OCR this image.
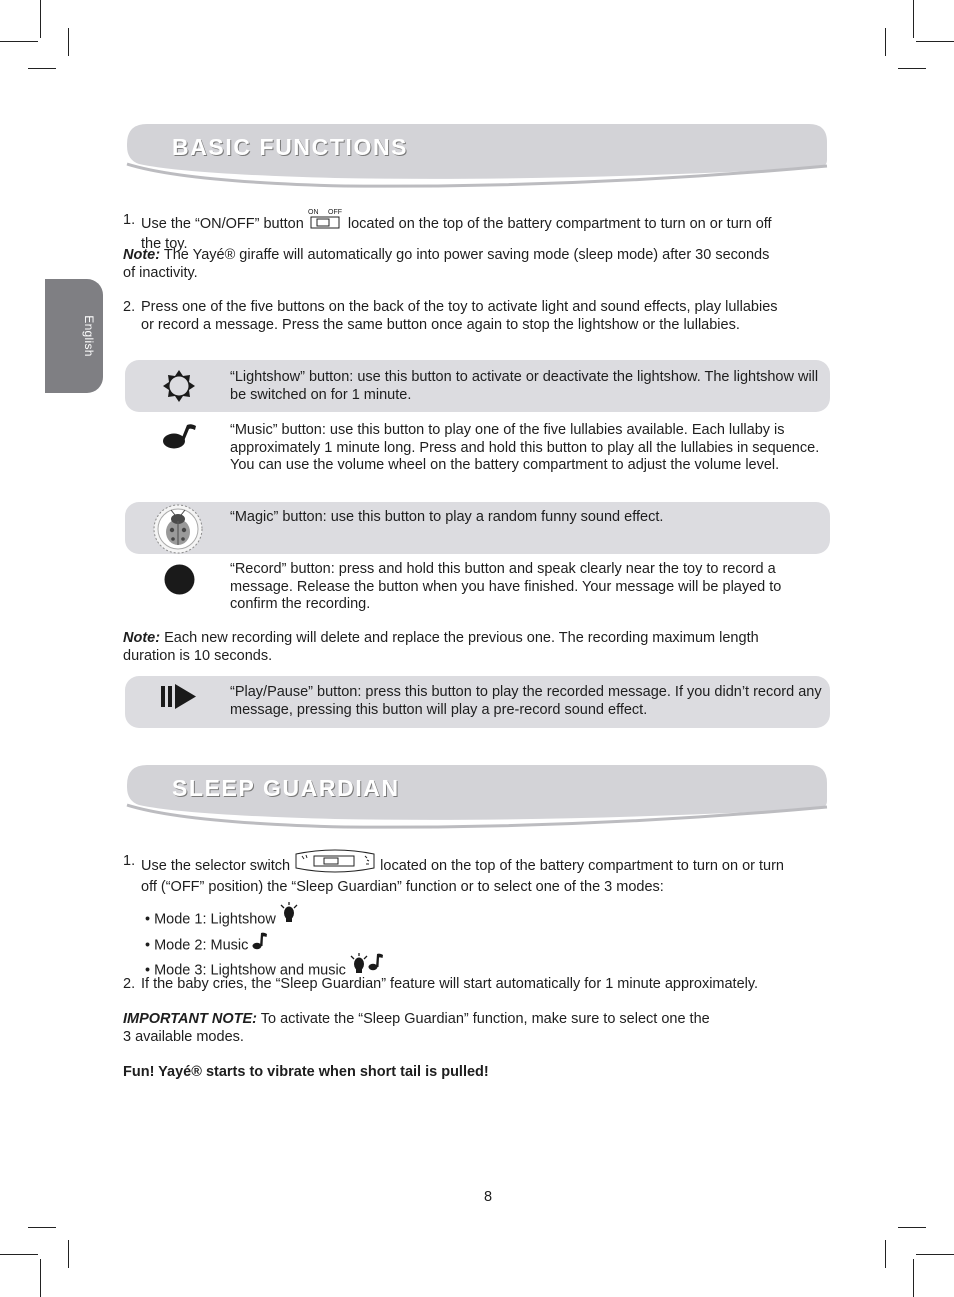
English
BASIC FUNCTIONS
1. Use the “ON/OFF” button
ON OFF
located on the top of the battery compartment to turn on or turn off
the toy.
Note: The Yayé® giraffe will automatically go into power saving mode (sleep mode) after 30 seconds
of inactivity.
2. Press one of the five buttons on the back of the toy to activate light and sound effects, play lullabies
or record a message. Press the same button once again to stop the lightshow or the lullabies.

“Lightshow” button: use this button to activate or deactivate the lightshow. The lightshow will be switched on for 1 minute.

“Music” button: use this button to play one of the five lullabies available. Each lullaby is approximately 1 minute long. Press and hold this button to play all the lullabies in sequence. You can use the volume wheel on the battery compartment to adjust the volume level.

“Magic” button: use this button to play a random funny sound effect.

“Record” button: press and hold this button and speak clearly near the toy to record a message. Release the button when you have finished. Your message will be played to confirm the recording.

Note: Each new recording will delete and replace the previous one. The recording maximum length
duration is 10 seconds.

“Play/Pause” button: press this button to play the recorded message. If you didn’t record any message, pressing this button will play a pre-record sound effect.

SLEEP GUARDIAN
1. Use the selector switch	located on the top of the battery compartment to turn on or turn
off (“OFF” position) the “Sleep Guardian” function or to select one of the 3 modes:
• Mode 1: Lightshow
• Mode 2: Music
• Mode 3: Lightshow and music
2. If the baby cries, the “Sleep Guardian” feature will start automatically for 1 minute approximately.
IMPORTANT NOTE: To activate the “Sleep Guardian” function, make sure to select one the
3 available modes.
Fun! Yayé® starts to vibrate when short tail is pulled!
8
